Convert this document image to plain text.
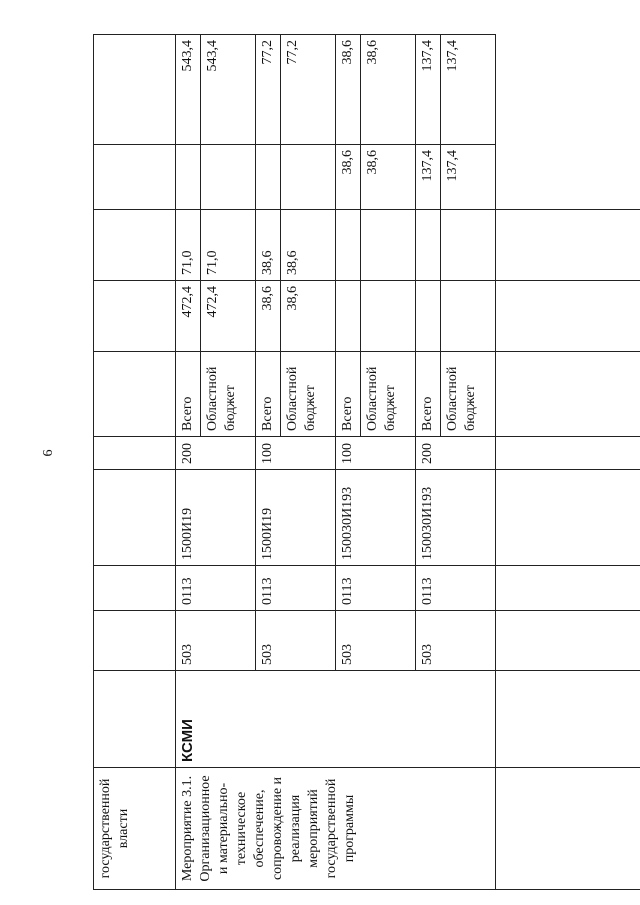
6
государственной власти										
Мероприятие 3.1. Организационное и материально-техническое обеспечение, сопровождение и реализация мероприятий государственной программы	КСМИ	503	0113	1500И19	200	Всего	472,4	71,0		543,4
						Областной бюджет	472,4	71,0		543,4
		503	0113	1500И19	100	Всего	38,6	38,6		77,2
						Областной бюджет	38,6	38,6		77,2
		503	0113	150030И193	100	Всего			38,6	38,6
						Областной бюджет			38,6	38,6
		503	0113	150030И193	200	Всего			137,4	137,4
						Областной бюджет			137,4	137,4
